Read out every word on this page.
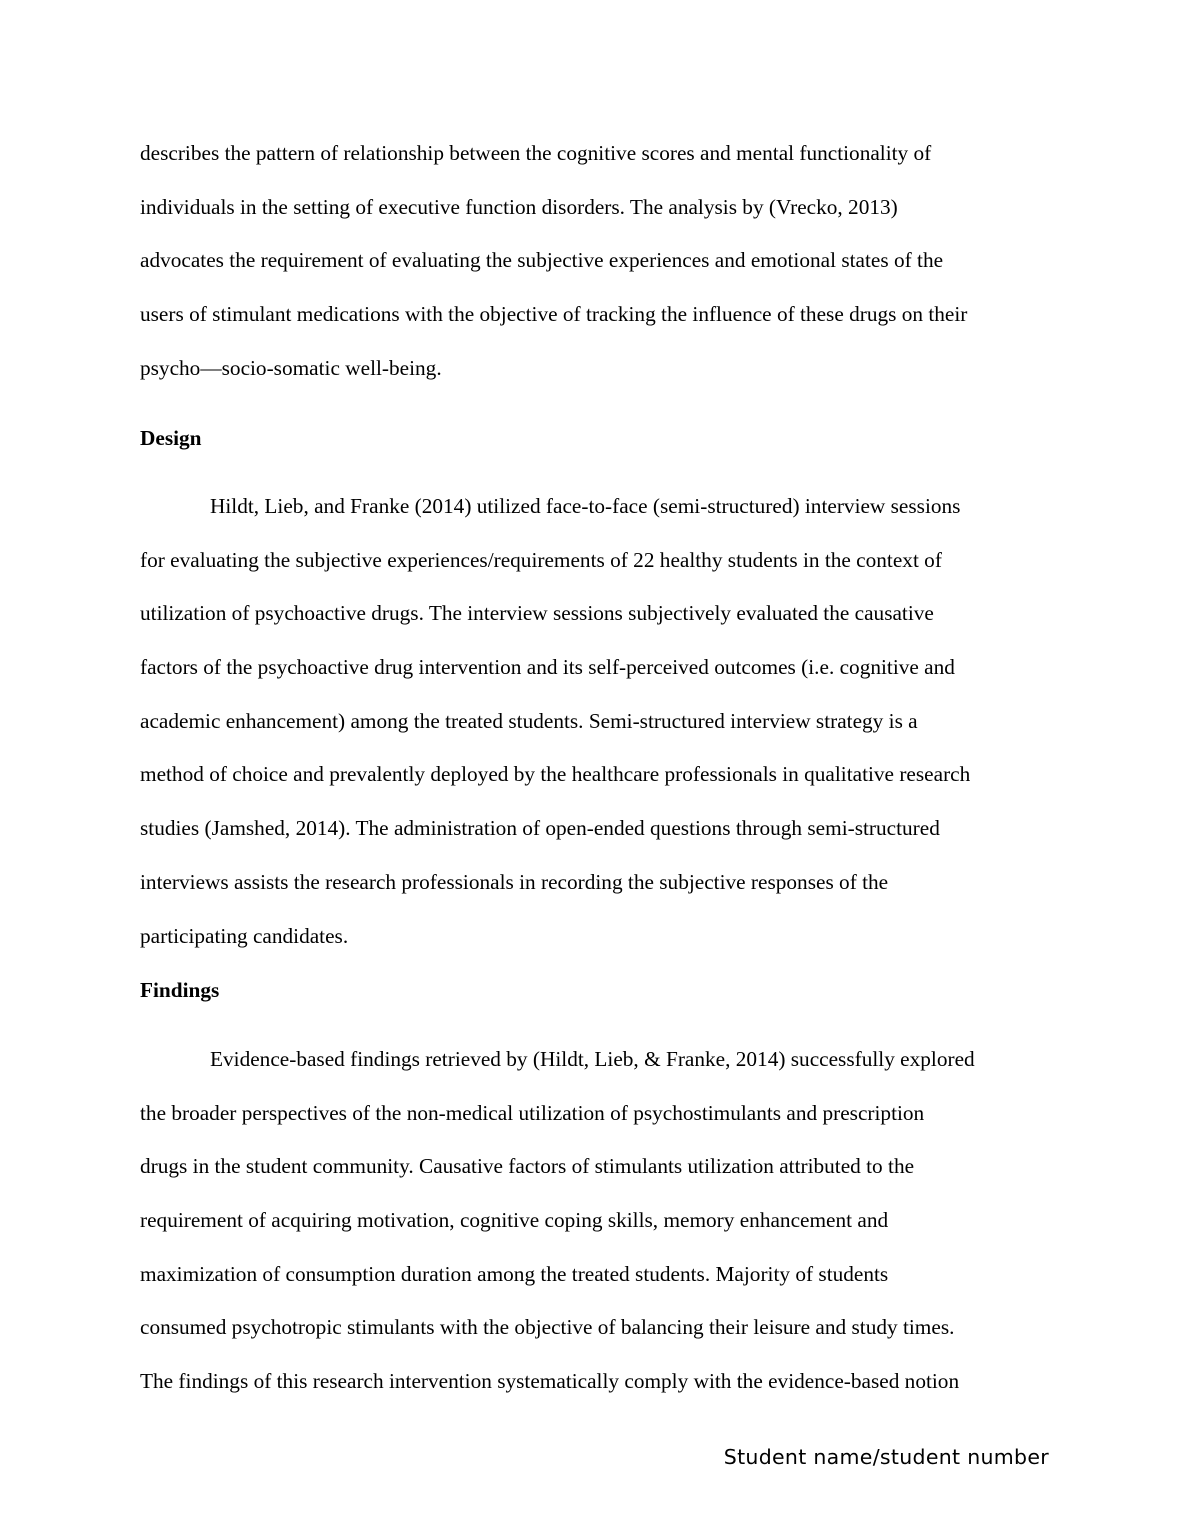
describes the pattern of relationship between the cognitive scores and mental functionality of
individuals in the setting of executive function disorders. The analysis by (Vrecko, 2013)
advocates the requirement of evaluating the subjective experiences and emotional states of the
users of stimulant medications with the objective of tracking the influence of these drugs on their
psycho—socio-somatic well-being.
Design
Hildt, Lieb, and Franke (2014) utilized face-to-face (semi-structured) interview sessions
for evaluating the subjective experiences/requirements of 22 healthy students in the context of
utilization of psychoactive drugs. The interview sessions subjectively evaluated the causative
factors of the psychoactive drug intervention and its self-perceived outcomes (i.e. cognitive and
academic enhancement) among the treated students. Semi-structured interview strategy is a
method of choice and prevalently deployed by the healthcare professionals in qualitative research
studies (Jamshed, 2014). The administration of open-ended questions through semi-structured
interviews assists the research professionals in recording the subjective responses of the
participating candidates.
Findings
Evidence-based findings retrieved by (Hildt, Lieb, & Franke, 2014) successfully explored
the broader perspectives of the non-medical utilization of psychostimulants and prescription
drugs in the student community. Causative factors of stimulants utilization attributed to the
requirement of acquiring motivation, cognitive coping skills, memory enhancement and
maximization of consumption duration among the treated students. Majority of students
consumed psychotropic stimulants with the objective of balancing their leisure and study times.
The findings of this research intervention systematically comply with the evidence-based notion
Student name/student number
